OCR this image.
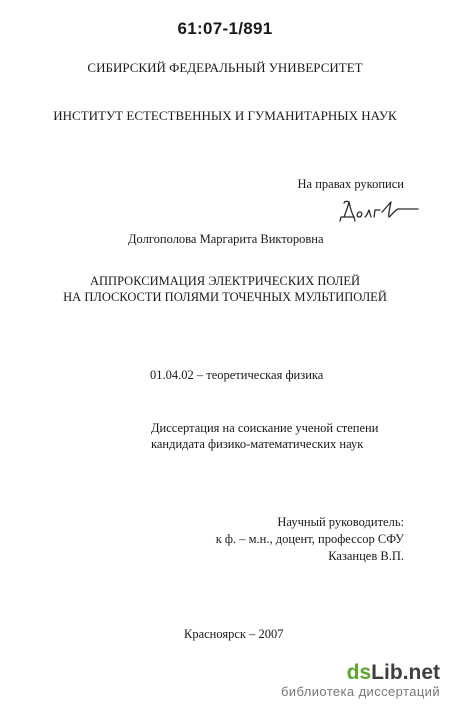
61:07-1/891
СИБИРСКИЙ ФЕДЕРАЛЬНЫЙ УНИВЕРСИТЕТ
ИНСТИТУТ ЕСТЕСТВЕННЫХ И ГУМАНИТАРНЫХ НАУК
На правах рукописи
Долгополова Маргарита Викторовна
АППРОКСИМАЦИЯ ЭЛЕКТРИЧЕСКИХ ПОЛЕЙ
НА ПЛОСКОСТИ ПОЛЯМИ ТОЧЕЧНЫХ МУЛЬТИПОЛЕЙ
01.04.02 – теоретическая физика
Диссертация на соискание ученой степени
кандидата физико-математических наук
Научный руководитель:
к ф. – м.н., доцент, профессор СФУ
Казанцев В.П.
Красноярск – 2007
ds Lib .net
библиотека диссертаций
